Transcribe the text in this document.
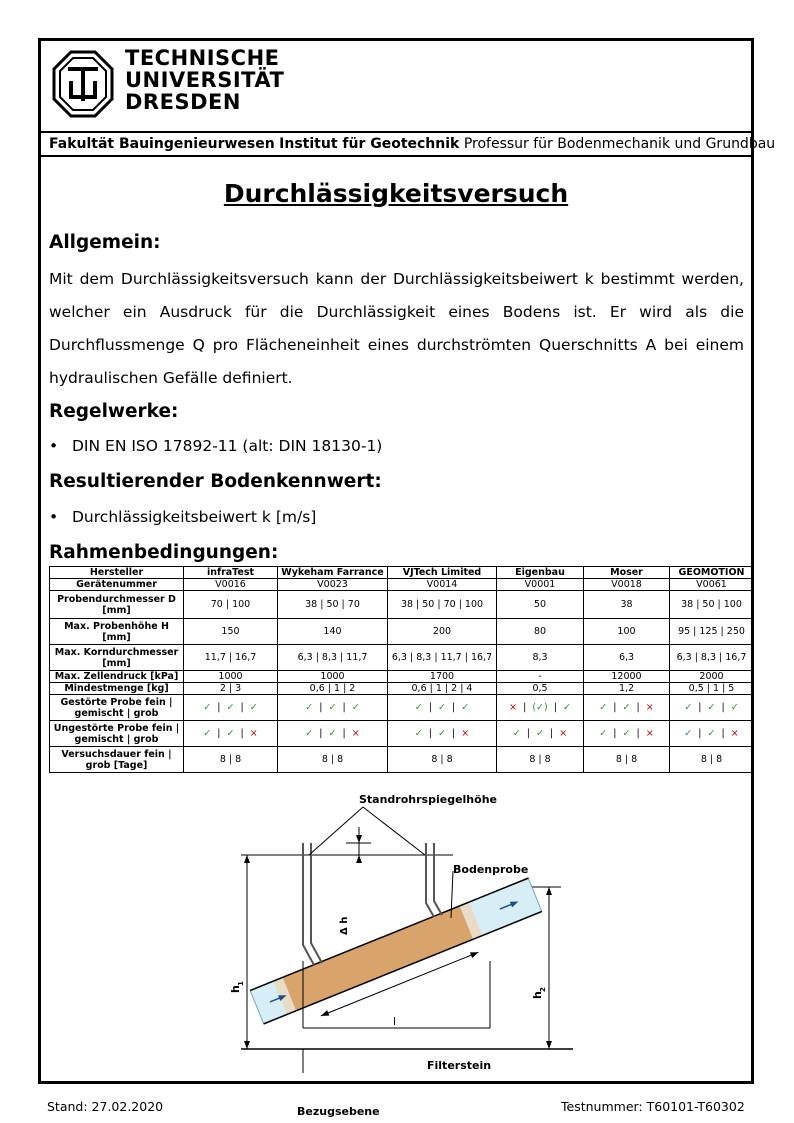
TECHNISCHE
UNIVERSITÄT
DRESDEN
Fakultät Bauingenieurwesen Institut für Geotechnik Professur für Bodenmechanik und Grundbau
Durchlässigkeitsversuch
Allgemein:
Mit dem Durchlässigkeitsversuch kann der Durchlässigkeitsbeiwert k bestimmt werden, welcher ein Ausdruck für die Durchlässigkeit eines Bodens ist. Er wird als die Durchflussmenge Q pro Flächeneinheit eines durchströmten Querschnitts A bei einem hydraulischen Gefälle definiert.
Regelwerke:
• DIN EN ISO 17892-11 (alt: DIN 18130-1)
Resultierender Bodenkennwert:
• Durchlässigkeitsbeiwert k [m/s]
Rahmenbedingungen:
Hersteller	infraTest	Wykeham Farrance	VJTech Limited	Eigenbau	Moser	GEOMOTION
Gerätenummer	V0016	V0023	V0014	V0001	V0018	V0061
Probendurchmesser D [mm]	70 | 100	38 | 50 | 70	38 | 50 | 70 | 100	50	38	38 | 50 | 100
Max. Probenhöhe H [mm]	150	140	200	80	100	95 | 125 | 250
Max. Korndurchmesser [mm]	11,7 | 16,7	6,3 | 8,3 | 11,7	6,3 | 8,3 | 11,7 | 16,7	8,3	6,3	6,3 | 8,3 | 16,7
Max. Zellendruck [kPa]	1000	1000	1700	-	12000	2000
Mindestmenge [kg]	2 | 3	0,6 | 1 | 2	0,6 | 1 | 2 | 4	0,5	1,2	0,5 | 1 | 5
Gestörte Probe fein | gemischt | grob	✓  |  ✓  |  ✓	✓  |  ✓  |  ✓	✓  |  ✓  |  ✓	×  |  (✓)  |  ✓	✓  |  ✓  |  ×	✓  |  ✓  |  ✓
Ungestörte Probe fein | gemischt | grob	✓  |  ✓  |  ×	✓  |  ✓  |  ×	✓  |  ✓  |  ×	✓  |  ✓  |  ×	✓  |  ✓  |  ×	✓  |  ✓  |  ×
Versuchsdauer fein | grob [Tage]	8 | 8	8 | 8	8 | 8	8 | 8	8 | 8	8 | 8
Standrohrspiegelhöhe
Bodenprobe
Filterstein
Bezugsebene
Δ h
h
1
h
2
l
Stand: 27.02.2020	Testnummer: T60101-T60302
